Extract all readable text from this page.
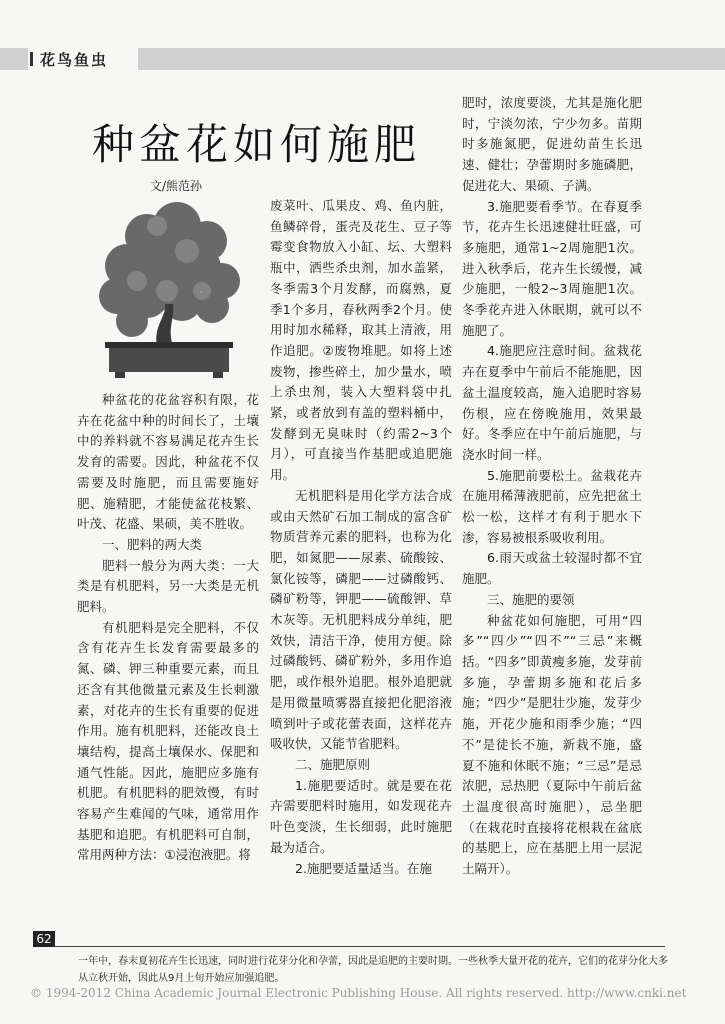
花鸟鱼虫
种盆花如何施肥
文/熊范孙

种盆花的花盆容积有限，花卉在花盆中种的时间长了，土壤中的养料就不容易满足花卉生长发育的需要。因此，种盆花不仅需要及时施肥，而且需要施好肥、施精肥，才能使盆花枝繁、叶茂、花盛、果硕，美不胜收。

一、肥料的两大类

肥料一般分为两大类：一大类是有机肥料，另一大类是无机肥料。

有机肥料是完全肥料，不仅含有花卉生长发育需要最多的氮、磷、钾三种重要元素，而且还含有其他微量元素及生长刺激素，对花卉的生长有重要的促进作用。施有机肥料，还能改良土壤结构，提高土壤保水、保肥和通气性能。因此，施肥应多施有机肥。有机肥料的肥效慢，有时容易产生难闻的气味，通常用作基肥和追肥。有机肥料可自制，常用两种方法：①浸泡液肥。将

废菜叶、瓜果皮、鸡、鱼内脏，鱼鳞碎骨，蛋壳及花生、豆子等霉变食物放入小缸、坛、大塑料瓶中，洒些杀虫剂，加水盖紧，冬季需3个月发酵，而腐熟，夏季1个多月，春秋两季2个月。使用时加水稀释，取其上清液，用作追肥。②废物堆肥。如将上述废物，掺些碎土，加少量水，喷上杀虫剂，装入大塑料袋中扎紧，或者放到有盖的塑料桶中，发酵到无臭味时（约需2~3个月），可直接当作基肥或追肥施用。

无机肥料是用化学方法合成或由天然矿石加工制成的富含矿物质营养元素的肥料，也称为化肥，如氮肥——尿素、硫酸铵、氯化铵等，磷肥——过磷酸钙、磷矿粉等，钾肥——硫酸钾、草木灰等。无机肥料成分单纯，肥效快，清洁干净，使用方便。除过磷酸钙、磷矿粉外，多用作追肥，或作根外追肥。根外追肥就是用微量喷雾器直接把化肥溶液喷到叶子或花蕾表面，这样花卉吸收快，又能节省肥料。

二、施肥原则

1.施肥要适时。就是要在花卉需要肥料时施用，如发现花卉叶色变淡，生长细弱，此时施肥最为适合。

2.施肥要适量适当。在施

肥时，浓度要淡，尤其是施化肥时，宁淡勿浓，宁少勿多。苗期时多施氮肥，促进幼苗生长迅速、健壮；孕蕾期时多施磷肥，促进花大、果硕、子满。

3.施肥要看季节。在春夏季节，花卉生长迅速健壮旺盛，可多施肥，通常1~2周施肥1次。进入秋季后，花卉生长缓慢，减少施肥，一般2~3周施肥1次。冬季花卉进入休眠期，就可以不施肥了。

4.施肥应注意时间。盆栽花卉在夏季中午前后不能施肥，因盆土温度较高，施入追肥时容易伤根，应在傍晚施用，效果最好。冬季应在中午前后施肥，与浇水时间一样。

5.施肥前要松土。盆栽花卉在施用稀薄液肥前，应先把盆土松一松，这样才有利于肥水下渗，容易被根系吸收利用。

6.雨天或盆土较湿时都不宜施肥。

三、施肥的要领

种盆花如何施肥，可用“四多”“四少”“四不”“三忌”来概括。“四多”即黄瘦多施，发芽前多施，孕蕾期多施和花后多施；“四少”是肥壮少施，发芽少施，开花少施和雨季少施；“四不”是徒长不施，新栽不施，盛夏不施和休眠不施；“三忌”是忌浓肥，忌热肥（夏际中午前后盆土温度很高时施肥），忌坐肥（在栽花时直接将花根栽在盆底的基肥上，应在基肥上用一层泥土隔开）。

62
一年中，春末夏初花卉生长迅速，同时进行花芽分化和孕蕾，因此是追肥的主要时期。一些秋季大量开花的花卉，它们的花芽分化大多从立秋开始，因此从9月上旬开始应加强追肥。
© 1994-2012 China Academic Journal Electronic Publishing House. All rights reserved. http://www.cnki.net
